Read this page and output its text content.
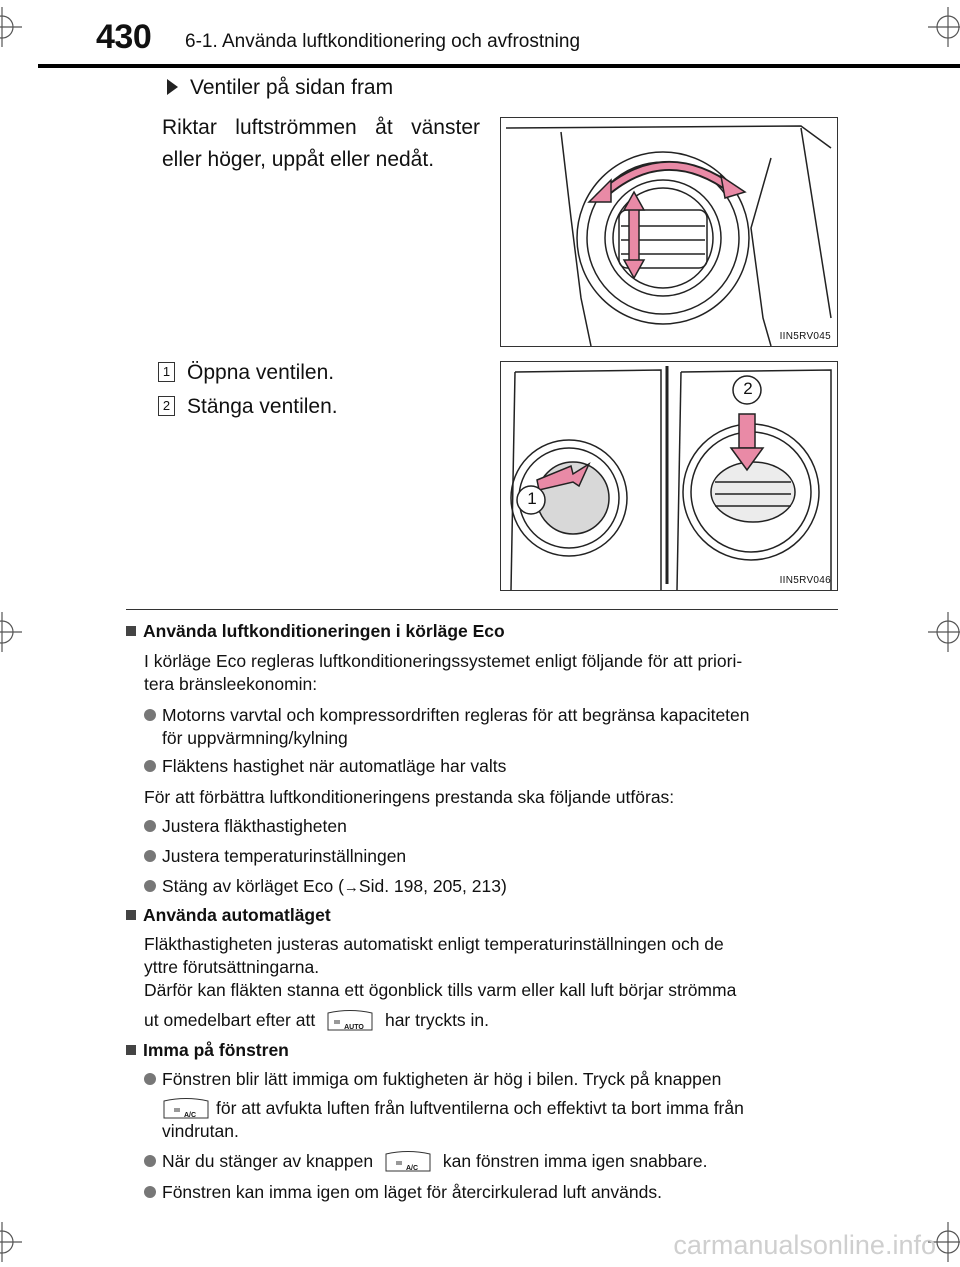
430 6-1. Använda luftkonditionering och avfrostning
Ventiler på sidan fram
Riktar luftströmmen åt vänster eller höger, uppåt eller nedåt.
IIN5RV045
1 Öppna ventilen.
2 Stänga ventilen.
1
2
IIN5RV046
Använda luftkonditioneringen i körläge Eco
I körläge Eco regleras luftkonditioneringssystemet enligt följande för att priori-
tera bränsleekonomin:
Motorns varvtal och kompressordriften regleras för att begränsa kapaciteten
för uppvärmning/kylning
Fläktens hastighet när automatläge har valts
För att förbättra luftkonditioneringens prestanda ska följande utföras:
Justera fläkthastigheten
Justera temperaturinställningen
Stäng av körläget Eco (→Sid. 198, 205, 213)
Använda automatläget
Fläkthastigheten justeras automatiskt enligt temperaturinställningen och de
yttre förutsättningarna.
Därför kan fläkten stanna ett ögonblick tills varm eller kall luft börjar strömma
ut omedelbart efter att	AUTO har tryckts in.
Imma på fönstren
Fönstren blir lätt immiga om fuktigheten är hög i bilen. Tryck på knappen
A/C för att avfukta luften från luftventilerna och effektivt ta bort imma från
vindrutan.
När du stänger av knappen	A/C kan fönstren imma igen snabbare.
Fönstren kan imma igen om läget för återcirkulerad luft används.
carmanualsonline.info
